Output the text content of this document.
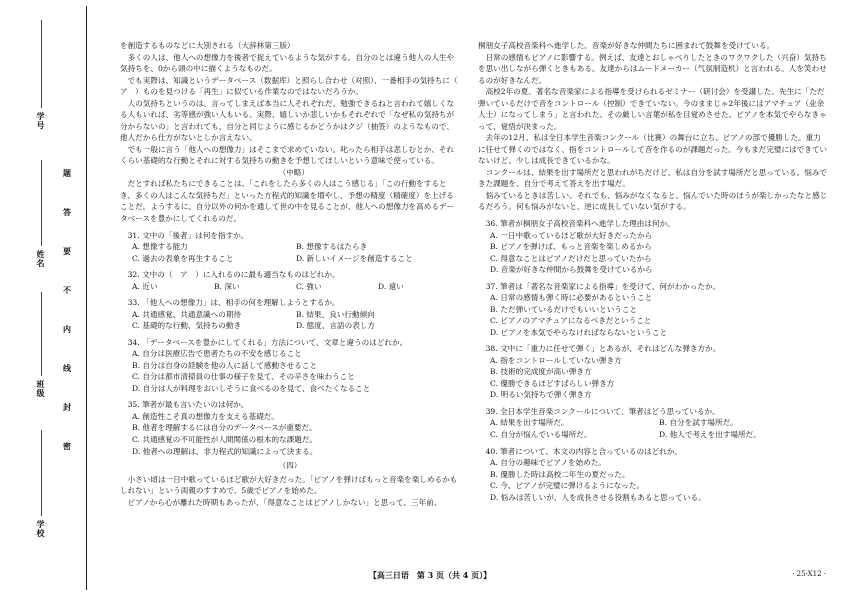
学号
姓名
班级
学校
题
答
要
不
内
线
封
密

を創造するものなどに大別される（大辞林第三版）

多くの人は、他人への想像力を後者で捉えているような気がする。自分のとは違う他人の人生や気持ちを、0から頭の中に描くようなものだ。

でも実際は、知識というデータベース（数据库）と照らし合わせ（对照）、一番相手の気持ちに（　ア　）ものを見つける「再生」に似ている作業なのではないだろうか。

人の気持ちというのは、言ってしまえば本当に人それぞれだ。勉強できるねと言われて嬉しくなる人もいれば、劣等感が強い人もいる。実際、嬉しいか悲しいかもそれぞれで「なぜ私の気持ちが分からないの」と言われても、自分と同じように感じるかどうかはクジ（抽签）のようなもので、他人だから仕方がないとしか言えない。

でも一般に言う「他人への想像力」はそこまで求めていない。叱ったら相手は悲しむとか、それくらい基礎的な行動とそれに対する気持ちの動きを予想してほしいという意味で使っている。

（中略）

だとすれば私たちにできることは、「これをしたら多くの人はこう感じる」「この行動をするとき、多くの人はこんな気持ちだ」といった方程式的知識を増やし、予想の精度（精確度）を上げることだ。ようするに、自分以外の何かを通して世の中を見ることが、他人への想像力を高めるデータベースを豊かにしてくれるのだ。

31. 文中の「後者」は何を指すか。

A. 想像する能力	B. 想像するはたらき
C. 過去の表象を再生すること	D. 新しいイメージを創造すること

32. 文中の（　ア　）に入れるのに最も適当なものはどれか。

A. 近い	B. 深い	C. 強い	D. 遠い

33. 「他人への想像力」は、相手の何を理解しようとするか。

A. 共通感覚、共通意識への期待	B. 結果、良い行動傾向
C. 基礎的な行動、気持ちの動き	D. 態度、言語の表し方

34. 「データベースを豊かにしてくれる」方法について、文章と違うのはどれか。

A. 自分は医療広告で患者たちの不安を感じること
B. 自分は自身の経験を他の人に話して感動させること
C. 自分は都市清掃員の仕事の様子を見て、その辛さを味わうこと
D. 自分は人が料理をおいしそうに食べるのを見て、食べたくなること

35. 筆者が最も言いたいのは何か。

A. 創造性こそ真の想像力を支える基礎だ。
B. 他者を理解するには自分のデータベースが重要だ。
C. 共通感覚の不可能性が人間関係の根本的な課題だ。
D. 他者への理解は、非力程式的知識によって決まる。
（四）

小さい頃は一日中歌っているほど歌が大好きだった。「ピアノを弾けばもっと音楽を楽しめるかもしれない」という両親のすすめで、5歳でピアノを始めた。

ピアノから心が離れた時期もあったが、「得意なことはピアノしかない」と思って、三年前、

桐朋女子高校音楽科へ進学した。音楽が好きな仲間たちに囲まれて鼓舞を受けている。

日常の感情もピアノに影響する。例えば、友達とおしゃべりしたときのワクワクした（兴奋）気持ちを思い出しながら弾くときもある。友達からはムードメーカー（气氛制造机）と言われる。人を笑わせるのが好きなんだ。

高校2年の夏、著名な音楽家による指導を受けられるゼミナー（研讨会）を受講した。先生に「ただ弾いているだけで音をコントロール（控制）できていない。今のままじゃ2年後にはアマチュア（业余人士）になってしまう」と言われた。その厳しい言葉が私を目覚めさせた。ピアノを本気でやらなきゃって、覚悟が決まった。

去年の12月、私は全日本学生音楽コンクール（比赛）の舞台に立ち、ピアノの部で優勝した。重力に任せて弾くのではなく、指をコントロールして音を作るのが課題だった。今もまだ完璧にはできていないけど、少しは成長できているかな。

コンクールは、結果を出す場所だと思われがちだけど、私は自分を試す場所だと思っている。悩みできた課題を、自分で考えて答えを出す場だ。

悩みているときは苦しい。それでも、悩みがなくなると、悩んでいた時のほうが楽しかったなと感じるだろう。何も悩みがないと、逆に成長していない気がする。

36. 筆者が桐朋女子高校音楽科へ進学した理由は何か。

A. 一日中歌っているほど歌が大好きだったから
B. ピアノを弾けば、もっと音楽を楽しめるから
C. 得意なことはピアノだけだと思っていたから
D. 音楽が好きな仲間から鼓舞を受けているから

37. 筆者は「著名な音楽家による指導」を受けて、何がわかったか。

A. 日常の感情も弾く時に必要があるということ
B. ただ弾いているだけでもいいということ
C. ピアノのアマチュアになるべきだということ
D. ピアノを本気でやらなければならないということ

38. 文中に「重力に任せて弾く」とあるが、それはどんな弾き方か。

A. 指をコントロールしていない弾き方
B. 技術的完成度が高い弾き方
C. 優勝できるほどすばらしい弾き方
D. 明るい気持ちで弾く弾き方

39. 全日本学生音楽コンクールについて、筆者はどう思っているか。

A. 結果を出す場所だ。	B. 自分を試す場所だ。
C. 自分が悩んでいる場所だ。	D. 他人で考えを出す場所だ。

40. 筆者について、本文の内容と合っているのはどれか。

A. 自分の趣味でピアノを始めた。
B. 優勝した時は高校二年生の夏だった。
C. 今、ピアノが完璧に弾けるようになった。
D. 悩みは苦しいが、人を成長させる役割もあると思っている。
【高三日语　第 3 页（共 4 页）】	· 25-X12 ·
